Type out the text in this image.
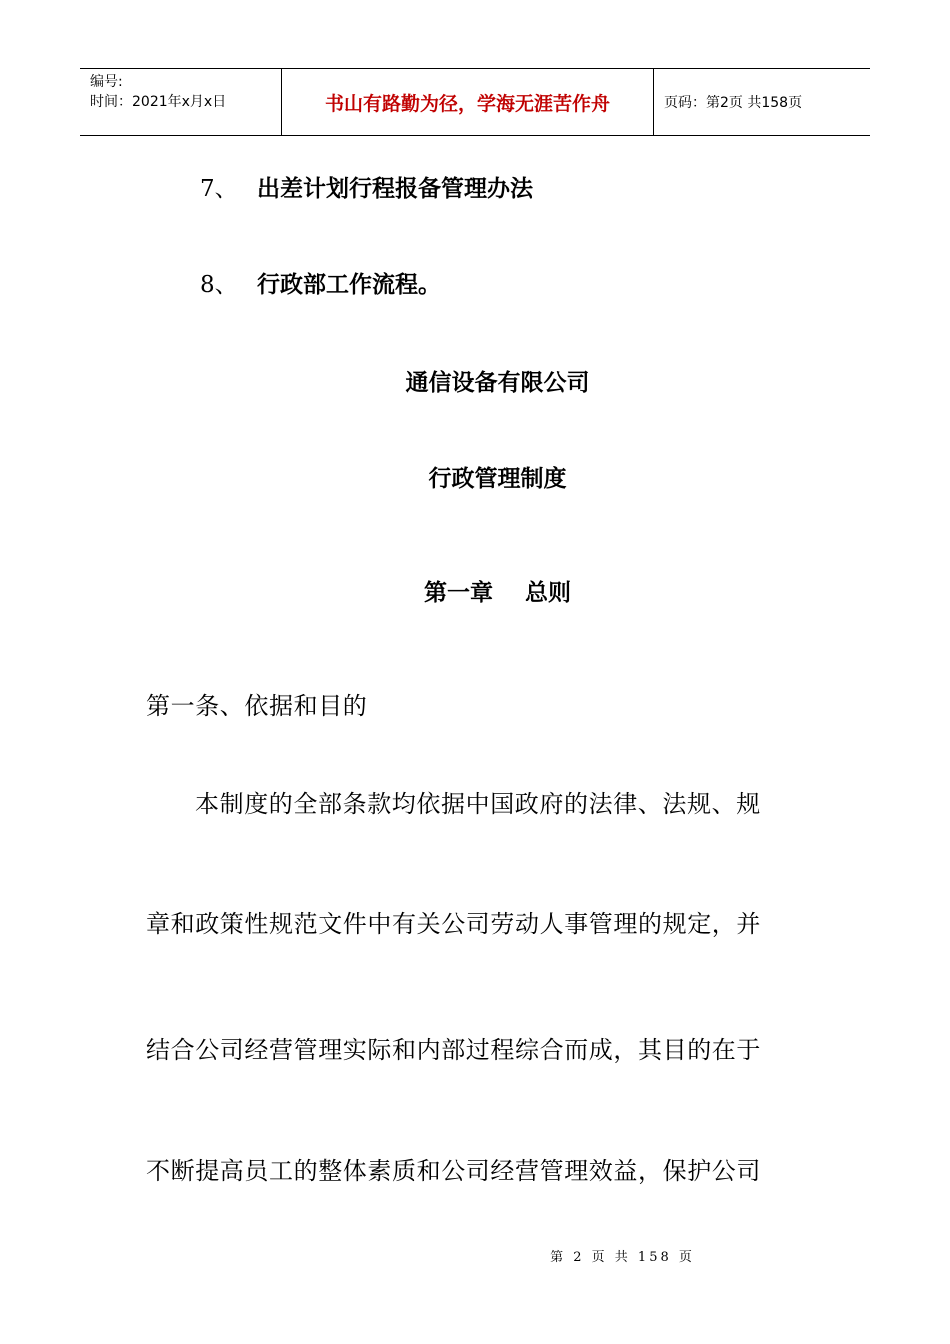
编号:
时间：2021年x月x日	书山有路勤为径，学海无涯苦作舟	页码：第2页 共158页
7、 出差计划行程报备管理办法
8、 行政部工作流程。
通信设备有限公司
行政管理制度
第一章    总则
第一条、依据和目的
本制度的全部条款均依据中国政府的法律、法规、规
章和政策性规范文件中有关公司劳动人事管理的规定，并
结合公司经营管理实际和内部过程综合而成，其目的在于
不断提高员工的整体素质和公司经营管理效益，保护公司
第 2 页 共 158 页
